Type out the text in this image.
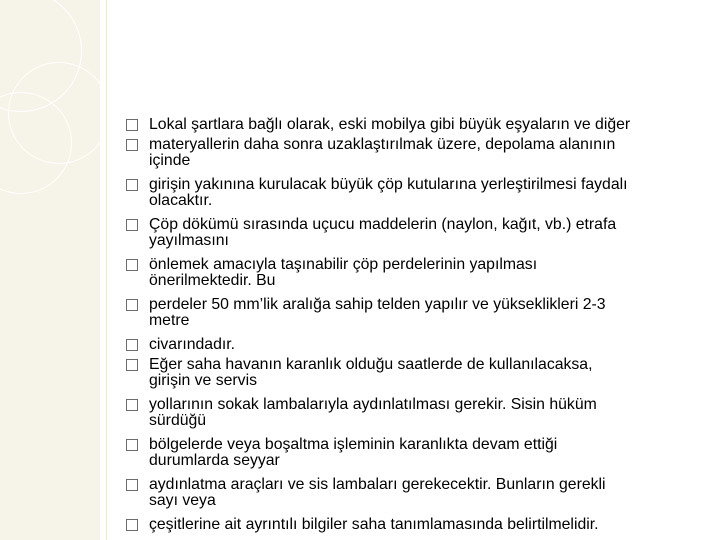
Lokal şartlara bağlı olarak, eski mobilya gibi büyük eşyaların ve diğer
materyallerin daha sonra uzaklaştırılmak üzere, depolama alanının
içinde
girişin yakınına kurulacak büyük çöp kutularına yerleştirilmesi faydalı
olacaktır.
Çöp dökümü sırasında uçucu maddelerin (naylon, kağıt, vb.) etrafa
yayılmasını
önlemek amacıyla taşınabilir çöp perdelerinin yapılması
önerilmektedir. Bu
perdeler 50 mm’lik aralığa sahip telden yapılır ve yükseklikleri 2-3
metre
civarındadır.
Eğer saha havanın karanlık olduğu saatlerde de kullanılacaksa,
girişin ve servis
yollarının sokak lambalarıyla aydınlatılması gerekir. Sisin hüküm
sürdüğü
bölgelerde veya boşaltma işleminin karanlıkta devam ettiği
durumlarda seyyar
aydınlatma araçları ve sis lambaları gerekecektir. Bunların gerekli
sayı veya
çeşitlerine ait ayrıntılı bilgiler saha tanımlamasında belirtilmelidir.
